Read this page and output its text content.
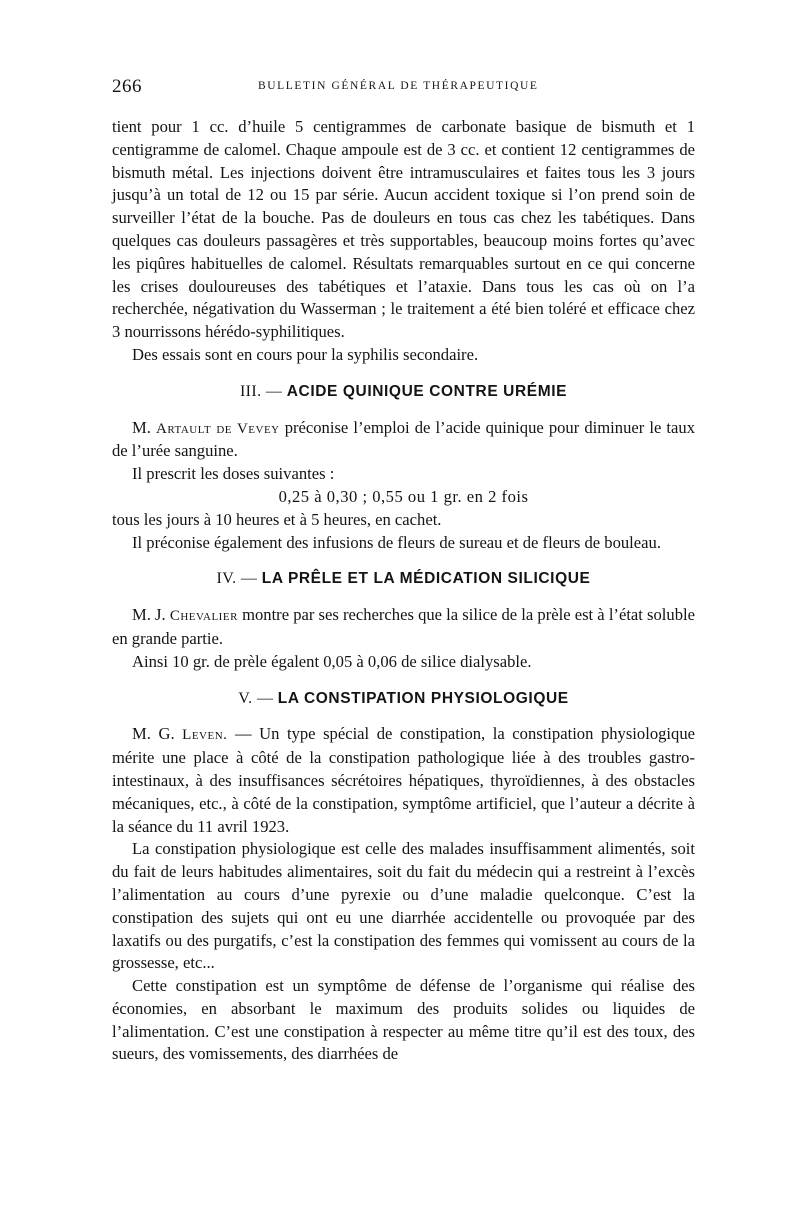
266	BULLETIN GÉNÉRAL DE THÉRAPEUTIQUE

tient pour 1 cc. d’huile 5 centigrammes de carbonate basique de bismuth et 1 centigramme de calomel. Chaque ampoule est de 3 cc. et contient 12 centigrammes de bismuth métal. Les injections doivent être intramusculaires et faites tous les 3 jours jusqu’à un total de 12 ou 15 par série. Aucun accident toxique si l’on prend soin de surveiller l’état de la bouche. Pas de douleurs en tous cas chez les tabétiques. Dans quelques cas douleurs passagères et très supportables, beaucoup moins fortes qu’avec les piqûres habituelles de calomel. Résultats remarquables surtout en ce qui concerne les crises douloureuses des tabétiques et l’ataxie. Dans tous les cas où on l’a recherchée, négativation du Wasserman ; le traitement a été bien toléré et efficace chez 3 nourrissons hérédo-syphilitiques.

Des essais sont en cours pour la syphilis secondaire.

III. — ACIDE QUINIQUE CONTRE URÉMIE

M. Artault de Vevey préconise l’emploi de l’acide quinique pour diminuer le taux de l’urée sanguine.

Il prescrit les doses suivantes :

0,25 à 0,30 ; 0,55 ou 1 gr. en 2 fois

tous les jours à 10 heures et à 5 heures, en cachet.

Il préconise également des infusions de fleurs de sureau et de fleurs de bouleau.

IV. — LA PRÊLE ET LA MÉDICATION SILICIQUE

M. J. Chevalier montre par ses recherches que la silice de la prèle est à l’état soluble en grande partie.

Ainsi 10 gr. de prèle égalent 0,05 à 0,06 de silice dialysable.

V. — LA CONSTIPATION PHYSIOLOGIQUE

M. G. Leven. — Un type spécial de constipation, la constipation physiologique mérite une place à côté de la constipation pathologique liée à des troubles gastro-intestinaux, à des insuffisances sécrétoires hépatiques, thyroïdiennes, à des obstacles mécaniques, etc., à côté de la constipation, symptôme artificiel, que l’auteur a décrite à la séance du 11 avril 1923.

La constipation physiologique est celle des malades insuffisamment alimentés, soit du fait de leurs habitudes alimentaires, soit du fait du médecin qui a restreint à l’excès l’alimentation au cours d’une pyrexie ou d’une maladie quelconque. C’est la constipation des sujets qui ont eu une diarrhée accidentelle ou provoquée par des laxatifs ou des purgatifs, c’est la constipation des femmes qui vomissent au cours de la grossesse, etc...

Cette constipation est un symptôme de défense de l’organisme qui réalise des économies, en absorbant le maximum des produits solides ou liquides de l’alimentation. C’est une constipation à respecter au même titre qu’il est des toux, des sueurs, des vomissements, des diarrhées de
